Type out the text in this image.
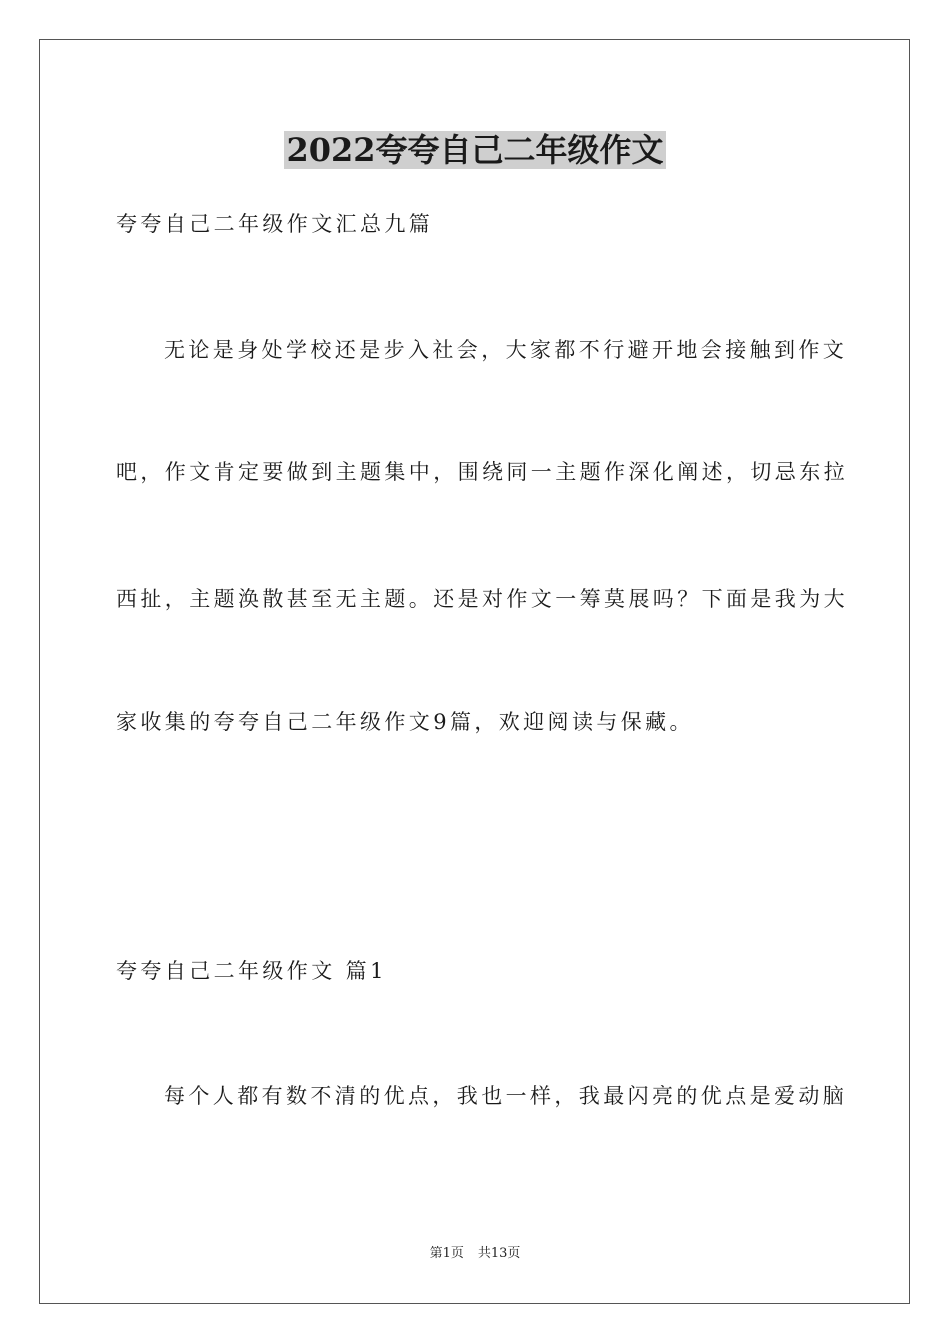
2022夸夸自己二年级作文

夸夸自己二年级作文汇总九篇

无论是身处学校还是步入社会，大家都不行避开地会接触到作文

吧，作文肯定要做到主题集中，围绕同一主题作深化阐述，切忌东拉

西扯，主题涣散甚至无主题。还是对作文一筹莫展吗？下面是我为大

家收集的夸夸自己二年级作文9篇，欢迎阅读与保藏。

夸夸自己二年级作文 篇1

每个人都有数不清的优点，我也一样，我最闪亮的优点是爱动脑

第1页 共13页
